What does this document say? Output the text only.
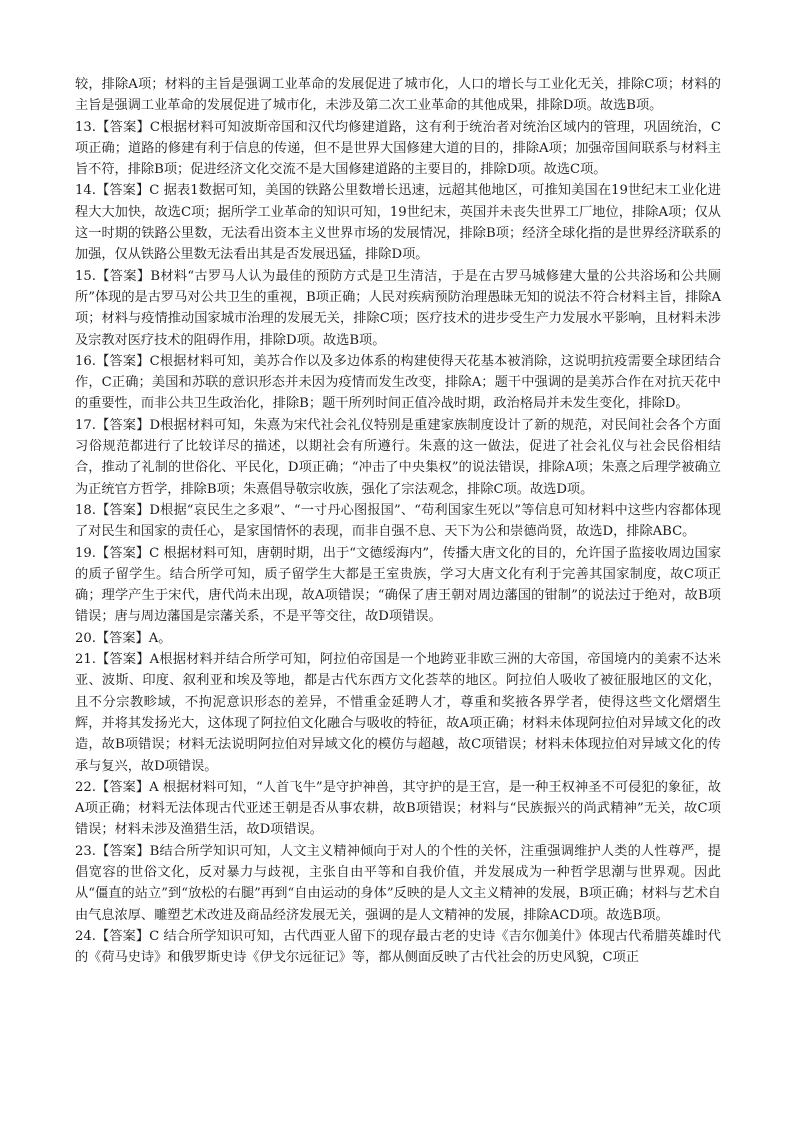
较，排除A项；材料的主旨是强调工业革命的发展促进了城市化，人口的增长与工业化无关，排除C项；材料的主旨是强调工业革命的发展促进了城市化，未涉及第二次工业革命的其他成果，排除D项。故选B项。

13.【答案】C根据材料可知波斯帝国和汉代均修建道路，这有利于统治者对统治区域内的管理，巩固统治，C项正确；道路的修建有利于信息的传递，但不是世界大国修建大道的目的，排除A项；加强帝国间联系与材料主旨不符，排除B项；促进经济文化交流不是大国修建道路的主要目的，排除D项。故选C项。

14.【答案】C 据表1数据可知，美国的铁路公里数增长迅速，远超其他地区，可推知美国在19世纪末工业化进程大大加快，故选C项；据所学工业革命的知识可知，19世纪末，英国并未丧失世界工厂地位，排除A项；仅从这一时期的铁路公里数，无法看出资本主义世界市场的发展情况，排除B项；经济全球化指的是世界经济联系的加强，仅从铁路公里数无法看出其是否发展迅猛，排除D项。

15.【答案】B材料“古罗马人认为最佳的预防方式是卫生清洁，于是在古罗马城修建大量的公共浴场和公共厕所”体现的是古罗马对公共卫生的重视，B项正确；人民对疾病预防治理愚昧无知的说法不符合材料主旨，排除A项；材料与疫情推动国家城市治理的发展无关，排除C项；医疗技术的进步受生产力发展水平影响，且材料未涉及宗教对医疗技术的阻碍作用，排除D项。故选B项。

16.【答案】C根据材料可知，美苏合作以及多边体系的构建使得天花基本被消除，这说明抗疫需要全球团结合作，C正确；美国和苏联的意识形态并未因为疫情而发生改变，排除A；题干中强调的是美苏合作在对抗天花中的重要性，而非公共卫生政治化，排除B；题干所列时间正值冷战时期，政治格局并未发生变化，排除D。

17.【答案】D根据材料可知，朱熹为宋代社会礼仪特别是重建家族制度设计了新的规范，对民间社会各个方面习俗规范都进行了比较详尽的描述，以期社会有所遵行。朱熹的这一做法，促进了社会礼仪与社会民俗相结合，推动了礼制的世俗化、平民化，D项正确；“冲击了中央集权”的说法错误，排除A项；朱熹之后理学被确立为正统官方哲学，排除B项；朱熹倡导敬宗收族，强化了宗法观念，排除C项。故选D项。

18.【答案】D根据“哀民生之多艰”、“一寸丹心图报国”、“苟利国家生死以”等信息可知材料中这些内容都体现了对民生和国家的责任心，是家国情怀的表现，而非自强不息、天下为公和崇德尚贤，故选D，排除ABC。

19.【答案】C 根据材料可知，唐朝时期，出于“文德绥海内”，传播大唐文化的目的，允许国子监接收周边国家的质子留学生。结合所学可知，质子留学生大都是王室贵族，学习大唐文化有利于完善其国家制度，故C项正确；理学产生于宋代，唐代尚未出现，故A项错误；“确保了唐王朝对周边藩国的钳制”的说法过于绝对，故B项错误；唐与周边藩国是宗藩关系，不是平等交往，故D项错误。

20.【答案】A。

21.【答案】A根据材料并结合所学可知，阿拉伯帝国是一个地跨亚非欧三洲的大帝国，帝国境内的美索不达米亚、波斯、印度、叙利亚和埃及等地，都是古代东西方文化荟萃的地区。阿拉伯人吸收了被征服地区的文化，且不分宗教畛域，不拘泥意识形态的差异，不惜重金延聘人才，尊重和奖掖各界学者，使得这些文化熠熠生辉，并将其发扬光大，这体现了阿拉伯文化融合与吸收的特征，故A项正确；材料未体现阿拉伯对异域文化的改造，故B项错误；材料无法说明阿拉伯对异域文化的模仿与超越，故C项错误；材料未体现拉伯对异域文化的传承与复兴，故D项错误。

22.【答案】A 根据材料可知，“人首飞牛”是守护神兽，其守护的是王宫，是一种王权神圣不可侵犯的象征，故A项正确；材料无法体现古代亚述王朝是否从事农耕，故B项错误；材料与“民族振兴的尚武精神”无关，故C项错误；材料未涉及渔猎生活，故D项错误。

23.【答案】B结合所学知识可知，人文主义精神倾向于对人的个性的关怀，注重强调维护人类的人性尊严，提倡宽容的世俗文化，反对暴力与歧视，主张自由平等和自我价值，并发展成为一种哲学思潮与世界观。因此从“僵直的站立”到“放松的右腿”再到“自由运动的身体”反映的是人文主义精神的发展，B项正确；材料与艺术自由气息浓厚、雕塑艺术改进及商品经济发展无关，强调的是人文精神的发展，排除ACD项。故选B项。

24.【答案】C 结合所学知识可知，古代西亚人留下的现存最古老的史诗《吉尔伽美什》体现古代希腊英雄时代的《荷马史诗》和俄罗斯史诗《伊戈尔远征记》等，都从侧面反映了古代社会的历史风貌，C项正
